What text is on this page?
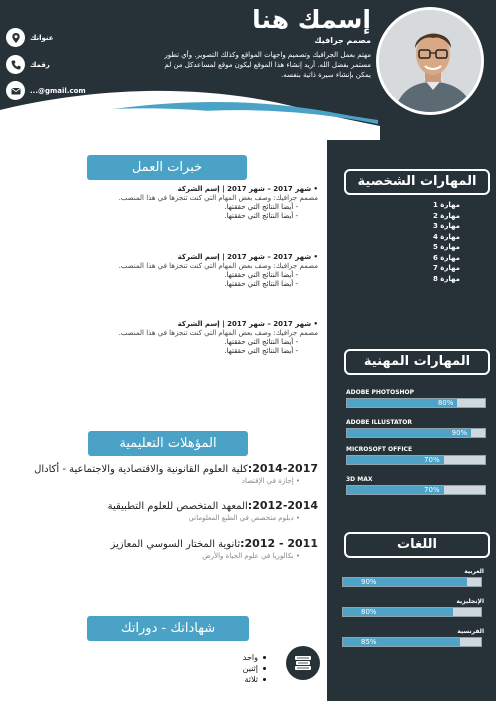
إسمك هنا
مصمم جرافيك
مهتم بعمل الجرافيك وتصميم واجهات المواقع وكذلك التصوير. وأي تطور مستمر بفضل الله. أريد إنشاء هذا الموقع ليكون موقع لمساعدكل من لم يمكن بإنشاء سيرة ذاتية بنفسه.
عنوانك
رقمك
...@gmail.com
المهارات الشخصية
مهارة 1
مهارة 2
مهارة 3
مهارة 4
مهارة 5
مهارة 6
مهارة 7
مهارة 8
المهارات المهنية
ADOBE PHOTOSHOP
80%
ADOBE ILLUSTATOR
90%
MICROSOFT OFFICE
70%
3D MAX
70%
اللغات
العربية
90%
الإنجليزية
80%
الفرنسية
85%
خبرات العمل
• شهر 2017 – شهر 2017 | إسم الشركة
مصمم جرافيك: وصف بعض المهام التي كنت تنجزها في هذا المنصب.
- أيضا النتائج التي حققتها.
- أيضا النتائج التي حققتها.
• شهر 2017 – شهر 2017 | إسم الشركة
مصمم جرافيك: وصف بعض المهام التي كنت تنجزها في هذا المنصب.
- أيضا النتائج التي حققتها.
- أيضا النتائج التي حققتها.
• شهر 2017 – شهر 2017 | إسم الشركة
مصمم جرافيك: وصف بعض المهام التي كنت تنجزها في هذا المنصب.
- أيضا النتائج التي حققتها.
- أيضا النتائج التي حققتها.
المؤهلات التعليمية
2014-2017:كلية العلوم القانونية والاقتصادية والاجتماعية - أكادال
• إجازة في الإقتصاد
2012-2014:المعهد المتخصص للعلوم التطبيقية
• دبلوم متخصص في الطبع المعلوماتي
2011 - 2012:ثانوية المختار السوسي المعازيز
• بكالوريا في علوم الحياة والأرض
شهاداتك - دوراتك
واحد
إثنين
ثلاثة
